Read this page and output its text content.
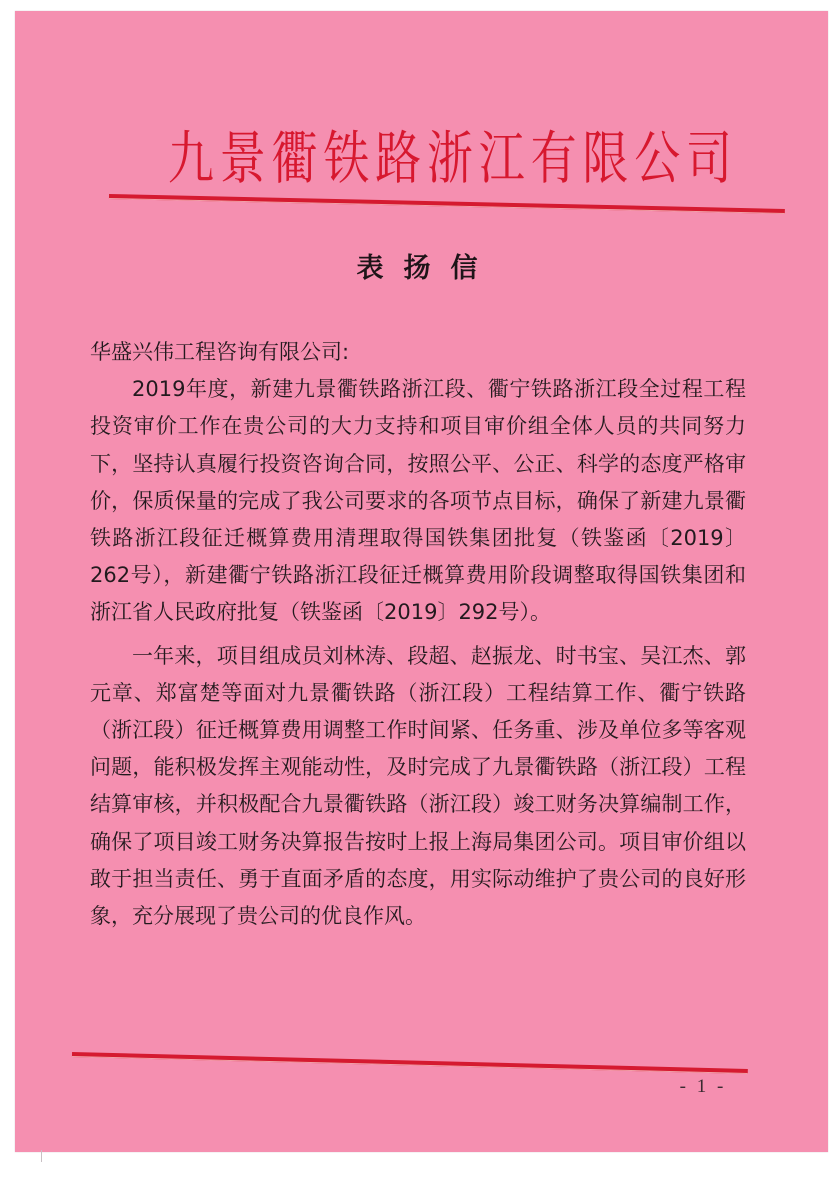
九 景 衢 铁 路 浙 江 有 限 公 司
表扬信

华盛兴伟工程咨询有限公司:

2019年度，新建九景衢铁路浙江段、衢宁铁路浙江段全过程工程投资审价工作在贵公司的大力支持和项目审价组全体人员的共同努力下，坚持认真履行投资咨询合同，按照公平、公正、科学的态度严格审价，保质保量的完成了我公司要求的各项节点目标，确保了新建九景衢铁路浙江段征迁概算费用清理取得国铁集团批复（铁鉴函〔2019〕262号），新建衢宁铁路浙江段征迁概算费用阶段调整取得国铁集团和浙江省人民政府批复（铁鉴函〔2019〕292号）。

一年来，项目组成员刘林涛、段超、赵振龙、时书宝、吴江杰、郭元章、郑富楚等面对九景衢铁路（浙江段）工程结算工作、衢宁铁路（浙江段）征迁概算费用调整工作时间紧、任务重、涉及单位多等客观问题，能积极发挥主观能动性，及时完成了九景衢铁路（浙江段）工程结算审核，并积极配合九景衢铁路（浙江段）竣工财务决算编制工作，确保了项目竣工财务决算报告按时上报上海局集团公司。项目审价组以敢于担当责任、勇于直面矛盾的态度，用实际动维护了贵公司的良好形象，充分展现了贵公司的优良作风。

- 1 -
